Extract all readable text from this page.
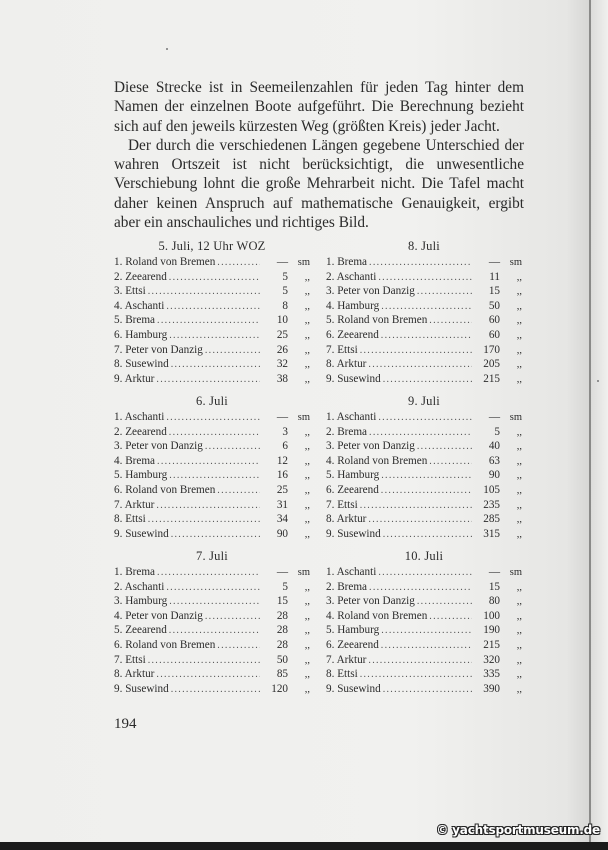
Diese Strecke ist in Seemeilenzahlen für jeden Tag hinter dem Namen der einzelnen Boote aufgeführt. Die Berechnung bezieht sich auf den jeweils kürzesten Weg (größten Kreis) jeder Jacht.

Der durch die verschiedenen Längen gegebene Unterschied der wahren Ortszeit ist nicht berücksichtigt, die unwesentliche Verschiebung lohnt die große Mehrarbeit nicht. Die Tafel macht daher keinen Anspruch auf mathematische Genauigkeit, ergibt aber ein anschauliches und richtiges Bild.

5. Juli, 12 Uhr WOZ
1. Roland von Bremen .....	— sm
2. Zeearend .....	5	,,
3. Ettsi .....	5	,,
4. Aschanti .....	8	,,
5. Brema .....	10	,,
6. Hamburg .....	25	,,
7. Peter von Danzig .....	26	,,
8. Susewind .....	32	,,
9. Arktur .....	38	,,
6. Juli
1. Aschanti .....	— sm
2. Zeearend .....	3	,,
3. Peter von Danzig .....	6	,,
4. Brema .....	12	,,
5. Hamburg .....	16	,,
6. Roland von Bremen .....	25	,,
7. Arktur .....	31	,,
8. Ettsi .....	34	,,
9. Susewind .....	90	,,
7. Juli
1. Brema .....	— sm
2. Aschanti .....	5	,,
3. Hamburg .....	15	,,
4. Peter von Danzig .....	28	,,
5. Zeearend .....	28	,,
6. Roland von Bremen .....	28	,,
7. Ettsi .....	50	,,
8. Arktur .....	85	,,
9. Susewind .....	120	,,
8. Juli
1. Brema .....	— sm
2. Aschanti .....	11	,,
3. Peter von Danzig .....	15	,,
4. Hamburg .....	50	,,
5. Roland von Bremen .....	60	,,
6. Zeearend .....	60	,,
7. Ettsi .....	170	,,
8. Arktur .....	205	,,
9. Susewind .....	215	,,
9. Juli
1. Aschanti .....	— sm
2. Brema .....	5	,,
3. Peter von Danzig .....	40	,,
4. Roland von Bremen .....	63	,,
5. Hamburg .....	90	,,
6. Zeearend .....	105	,,
7. Ettsi .....	235	,,
8. Arktur .....	285	,,
9. Susewind .....	315	,,
10. Juli
1. Aschanti .....	— sm
2. Brema .....	15	,,
3. Peter von Danzig .....	80	,,
4. Roland von Bremen .....	100	,,
5. Hamburg .....	190	,,
6. Zeearend .....	215	,,
7. Arktur .....	320	,,
8. Ettsi .....	335	,,
9. Susewind .....	390	,,
194
© yachtsportmuseum.de
